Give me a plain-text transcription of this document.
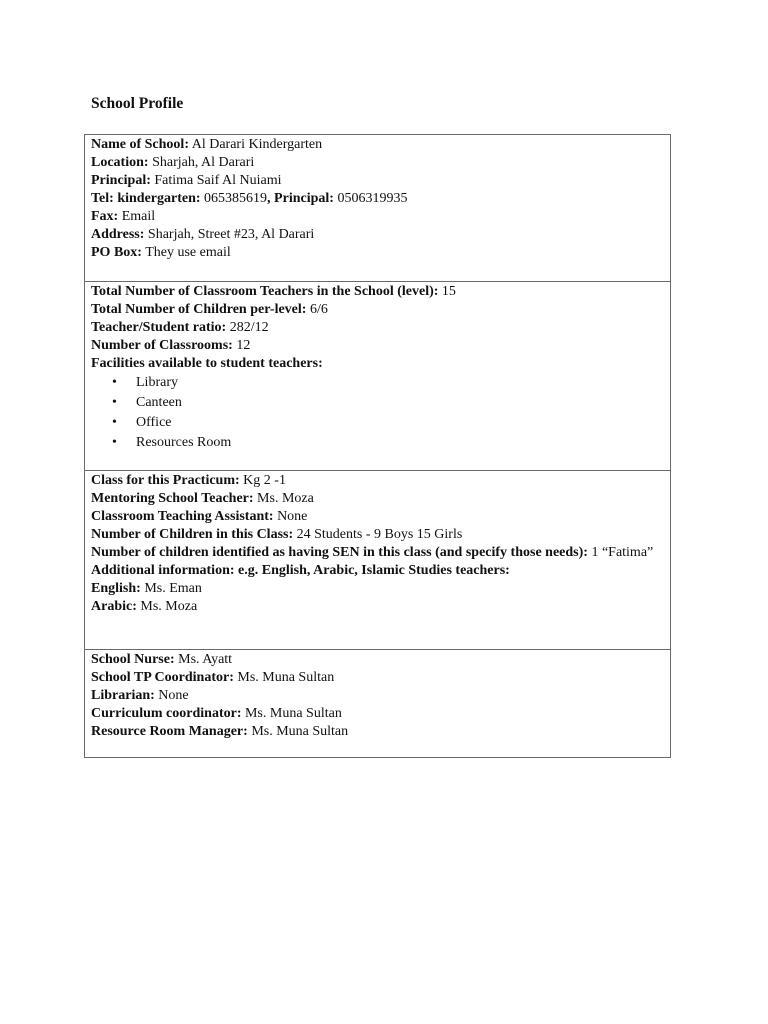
School Profile
Name of School: Al Darari Kindergarten
Location: Sharjah, Al Darari
Principal: Fatima Saif Al Nuiami
Tel: kindergarten: 065385619, Principal: 0506319935
Fax: Email
Address: Sharjah, Street #23, Al Darari
PO Box: They use email
Total Number of Classroom Teachers in the School (level): 15
Total Number of Children per-level: 6/6
Teacher/Student ratio: 282/12
Number of Classrooms: 12
Facilities available to student teachers:
• Library
• Canteen
• Office
• Resources Room
Class for this Practicum: Kg 2 -1
Mentoring School Teacher: Ms. Moza
Classroom Teaching Assistant: None
Number of Children in this Class: 24 Students - 9 Boys 15 Girls
Number of children identified as having SEN in this class (and specify those needs): 1 “Fatima”
Additional information: e.g. English, Arabic, Islamic Studies teachers:
English: Ms. Eman
Arabic: Ms. Moza
School Nurse: Ms. Ayatt
School TP Coordinator: Ms. Muna Sultan
Librarian: None
Curriculum coordinator: Ms. Muna Sultan
Resource Room Manager: Ms. Muna Sultan
